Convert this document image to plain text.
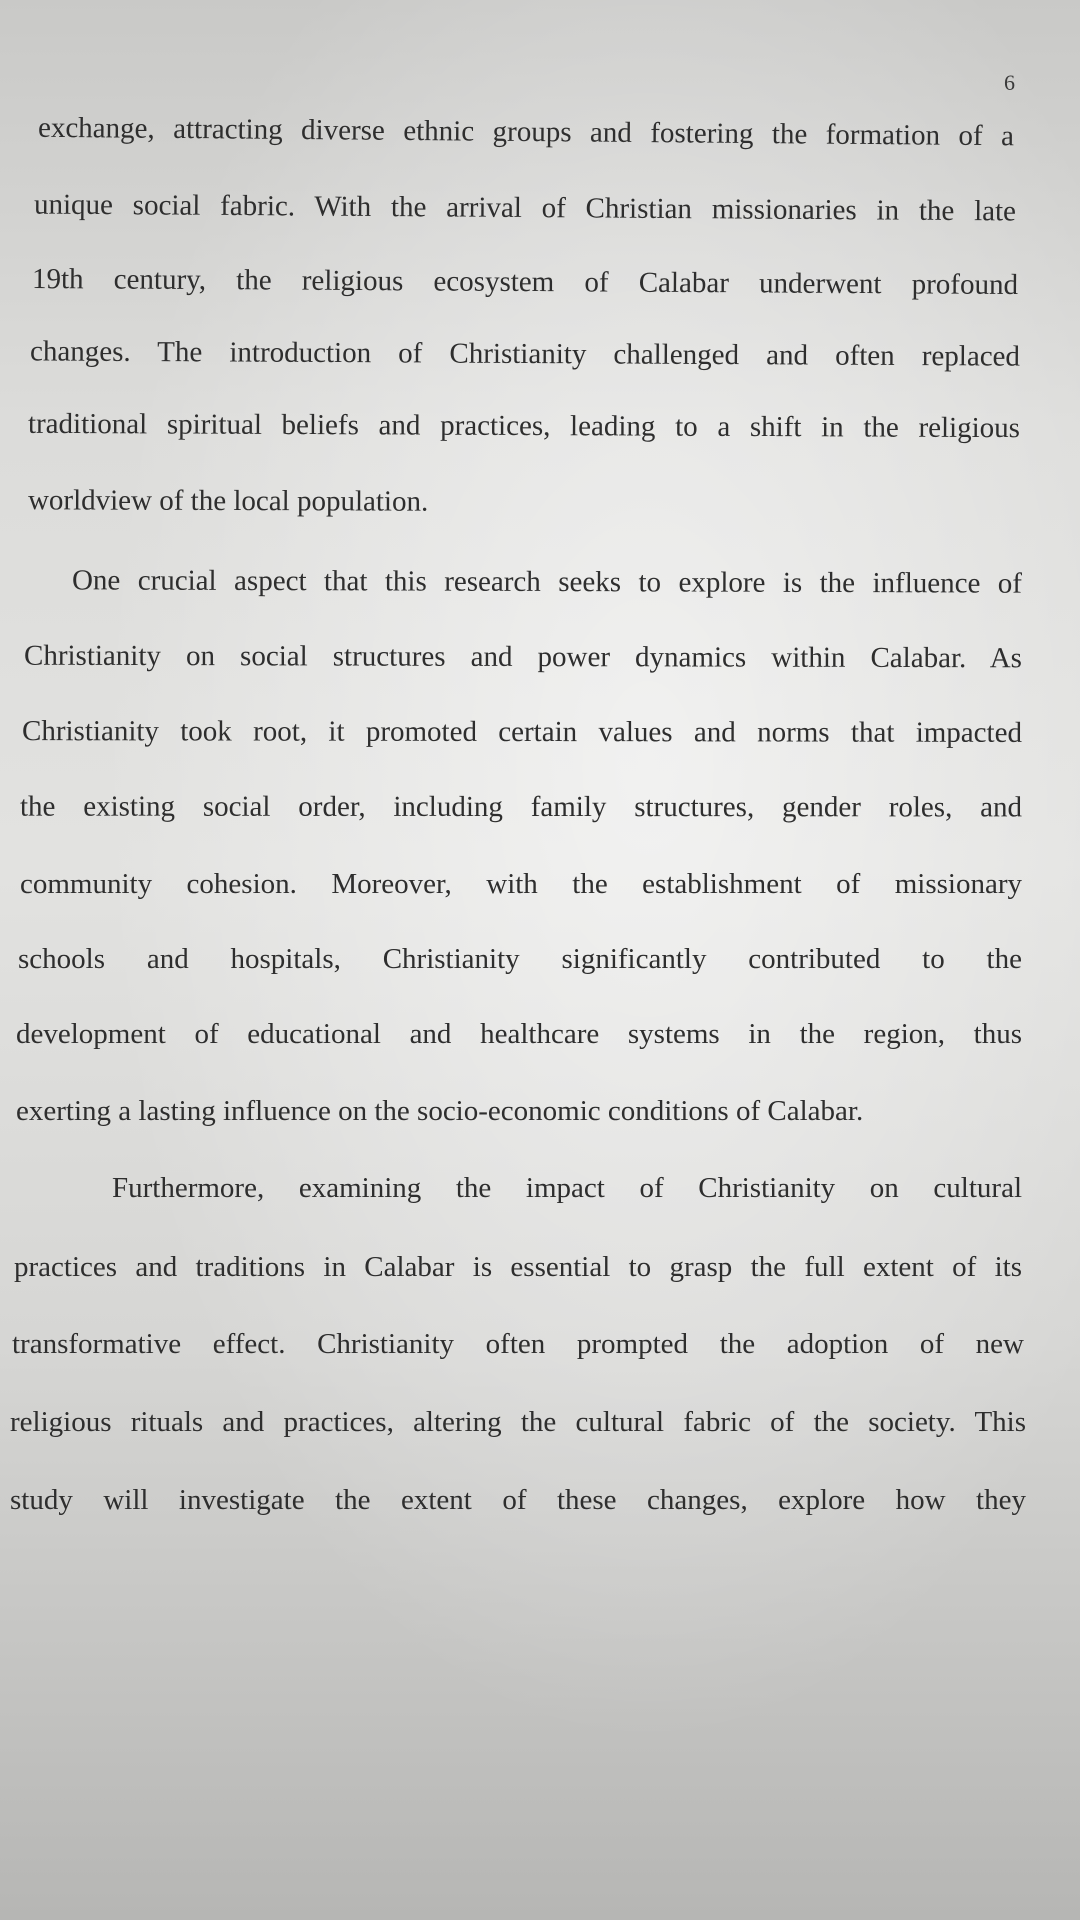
6
exchange, attracting diverse ethnic groups and fostering the formation of a
unique social fabric. With the arrival of Christian missionaries in the late
19th century, the religious ecosystem of Calabar underwent profound
changes. The introduction of Christianity challenged and often replaced
traditional spiritual beliefs and practices, leading to a shift in the religious
worldview of the local population.
One crucial aspect that this research seeks to explore is the influence of
Christianity on social structures and power dynamics within Calabar. As
Christianity took root, it promoted certain values and norms that impacted
the existing social order, including family structures, gender roles, and
community cohesion. Moreover, with the establishment of missionary
schools and hospitals, Christianity significantly contributed to the
development of educational and healthcare systems in the region, thus
exerting a lasting influence on the socio-economic conditions of Calabar.
Furthermore, examining the impact of Christianity on cultural
practices and traditions in Calabar is essential to grasp the full extent of its
transformative effect. Christianity often prompted the adoption of new
religious rituals and practices, altering the cultural fabric of the society. This
study will investigate the extent of these changes, explore how they
